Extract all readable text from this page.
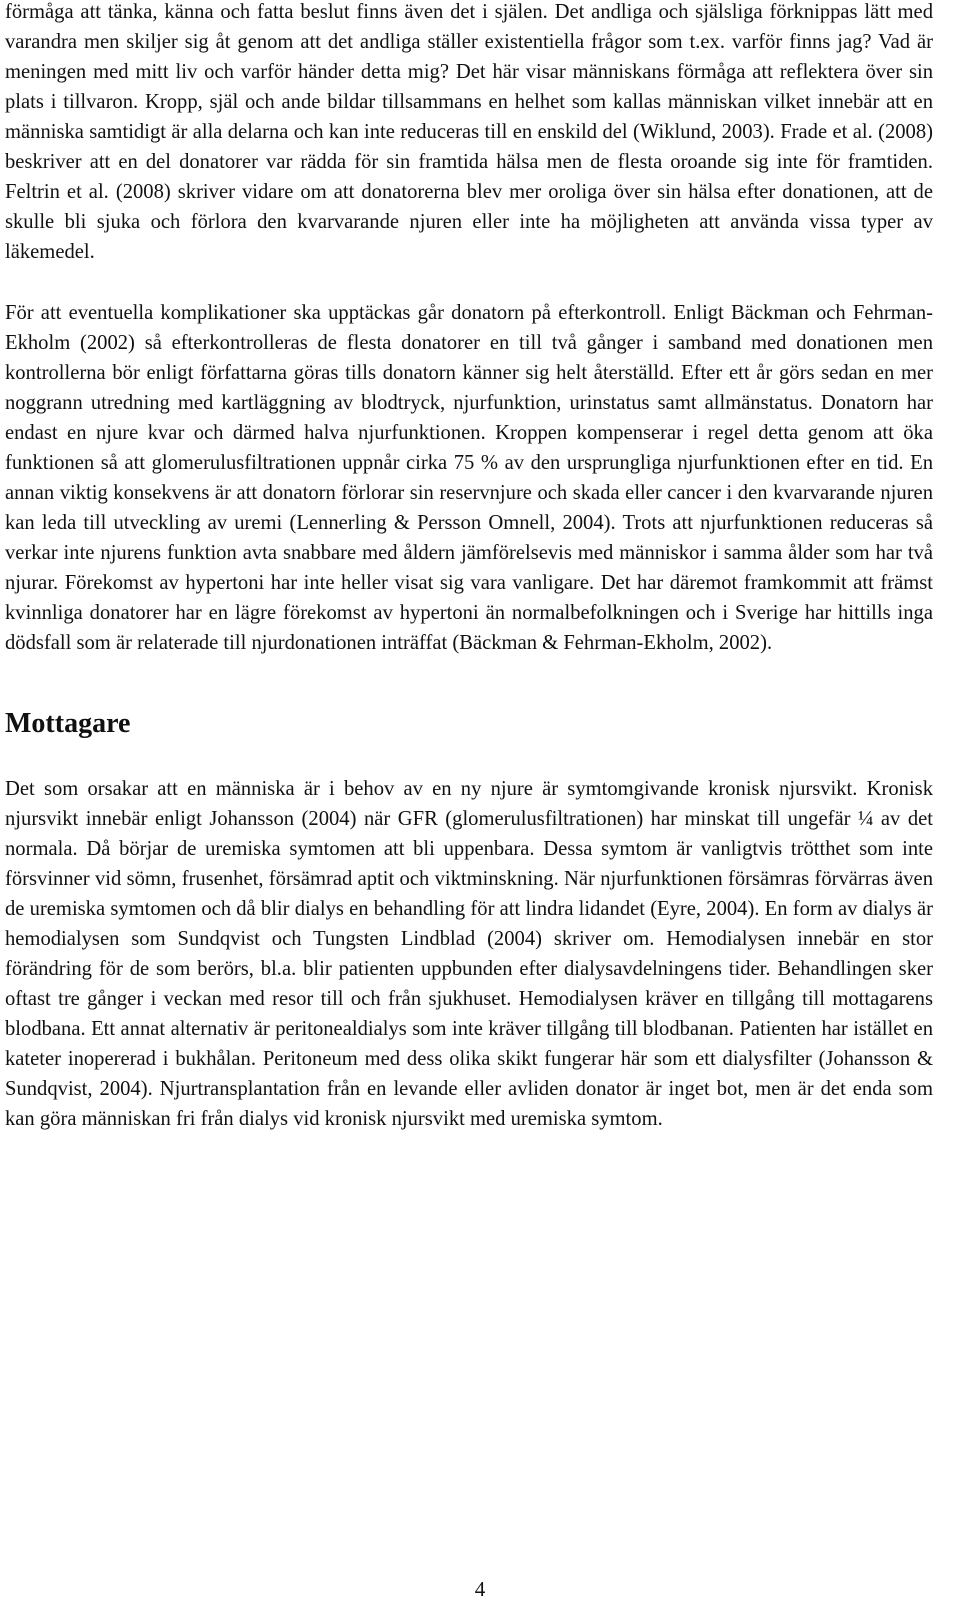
förmåga att tänka, känna och fatta beslut finns även det i själen. Det andliga och själsliga förknippas lätt med varandra men skiljer sig åt genom att det andliga ställer existentiella frågor som t.ex. varför finns jag? Vad är meningen med mitt liv och varför händer detta mig? Det här visar människans förmåga att reflektera över sin plats i tillvaron. Kropp, själ och ande bildar tillsammans en helhet som kallas människan vilket innebär att en människa samtidigt är alla delarna och kan inte reduceras till en enskild del (Wiklund, 2003). Frade et al. (2008) beskriver att en del donatorer var rädda för sin framtida hälsa men de flesta oroande sig inte för framtiden. Feltrin et al. (2008) skriver vidare om att donatorerna blev mer oroliga över sin hälsa efter donationen, att de skulle bli sjuka och förlora den kvarvarande njuren eller inte ha möjligheten att använda vissa typer av läkemedel.

För att eventuella komplikationer ska upptäckas går donatorn på efterkontroll. Enligt Bäckman och Fehrman-Ekholm (2002) så efterkontrolleras de flesta donatorer en till två gånger i samband med donationen men kontrollerna bör enligt författarna göras tills donatorn känner sig helt återställd. Efter ett år görs sedan en mer noggrann utredning med kartläggning av blodtryck, njurfunktion, urinstatus samt allmänstatus. Donatorn har endast en njure kvar och därmed halva njurfunktionen. Kroppen kompenserar i regel detta genom att öka funktionen så att glomerulusfiltrationen uppnår cirka 75 % av den ursprungliga njurfunktionen efter en tid. En annan viktig konsekvens är att donatorn förlorar sin reservnjure och skada eller cancer i den kvarvarande njuren kan leda till utveckling av uremi (Lennerling & Persson Omnell, 2004). Trots att njurfunktionen reduceras så verkar inte njurens funktion avta snabbare med åldern jämförelsevis med människor i samma ålder som har två njurar. Förekomst av hypertoni har inte heller visat sig vara vanligare. Det har däremot framkommit att främst kvinnliga donatorer har en lägre förekomst av hypertoni än normalbefolkningen och i Sverige har hittills inga dödsfall som är relaterade till njurdonationen inträffat (Bäckman & Fehrman-Ekholm, 2002).

Mottagare

Det som orsakar att en människa är i behov av en ny njure är symtomgivande kronisk njursvikt. Kronisk njursvikt innebär enligt Johansson (2004) när GFR (glomerulusfiltrationen) har minskat till ungefär ¼ av det normala. Då börjar de uremiska symtomen att bli uppenbara. Dessa symtom är vanligtvis trötthet som inte försvinner vid sömn, frusenhet, försämrad aptit och viktminskning. När njurfunktionen försämras förvärras även de uremiska symtomen och då blir dialys en behandling för att lindra lidandet (Eyre, 2004). En form av dialys är hemodialysen som Sundqvist och Tungsten Lindblad (2004) skriver om. Hemodialysen innebär en stor förändring för de som berörs, bl.a. blir patienten uppbunden efter dialysavdelningens tider. Behandlingen sker oftast tre gånger i veckan med resor till och från sjukhuset. Hemodialysen kräver en tillgång till mottagarens blodbana. Ett annat alternativ är peritonealdialys som inte kräver tillgång till blodbanan. Patienten har istället en kateter inopererad i bukhålan. Peritoneum med dess olika skikt fungerar här som ett dialysfilter (Johansson & Sundqvist, 2004). Njurtransplantation från en levande eller avliden donator är inget bot, men är det enda som kan göra människan fri från dialys vid kronisk njursvikt med uremiska symtom.

4
